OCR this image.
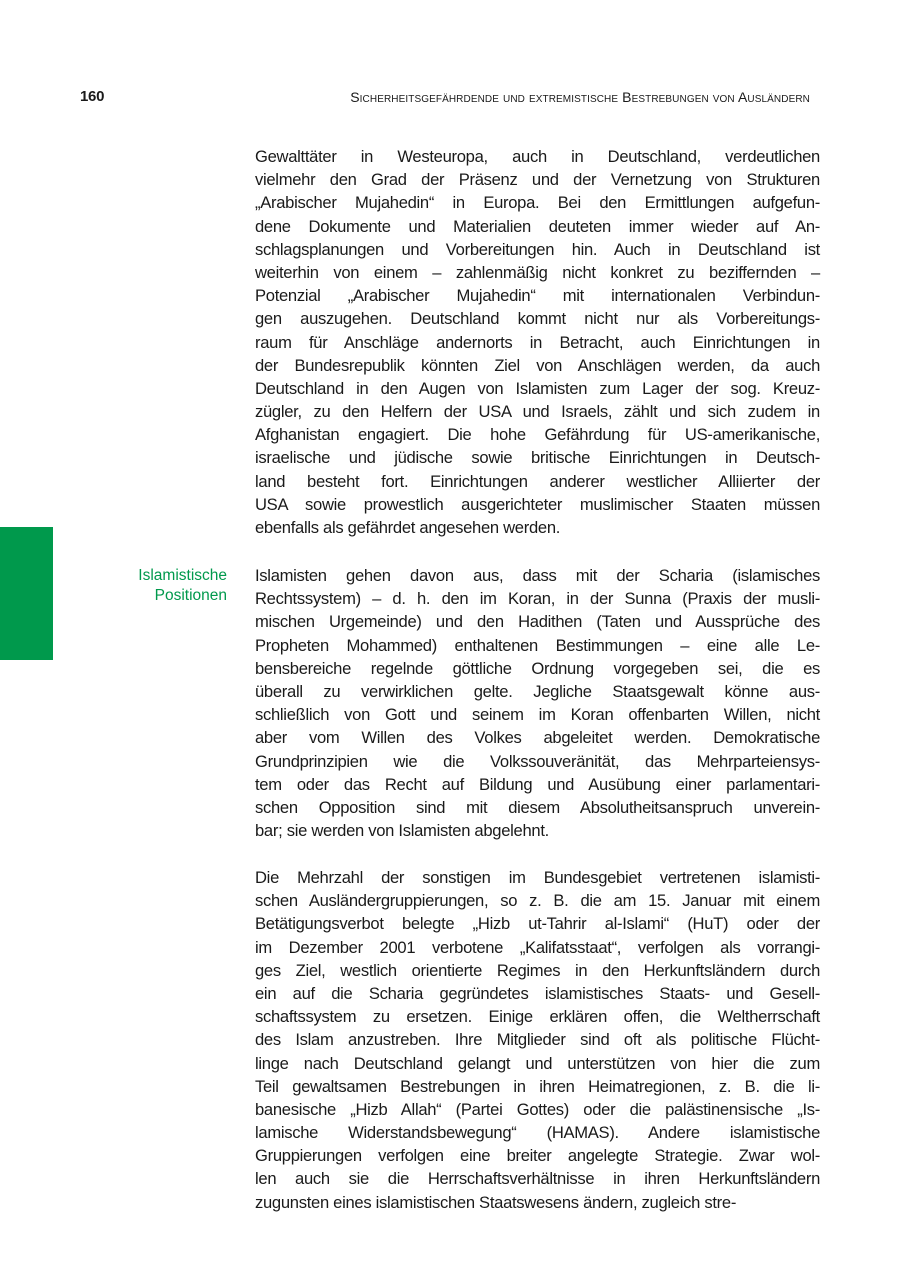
160	Sicherheitsgefährdende und extremistische Bestrebungen von Ausländern
Islamistische
Positionen
Gewalttäter in Westeuropa, auch in Deutschland, verdeutlichen
vielmehr den Grad der Präsenz und der Vernetzung von Strukturen
„Arabischer Mujahedin“ in Europa. Bei den Ermittlungen aufgefun-
dene Dokumente und Materialien deuteten immer wieder auf An-
schlagsplanungen und Vorbereitungen hin. Auch in Deutschland ist
weiterhin von einem – zahlenmäßig nicht konkret zu beziffernden –
Potenzial „Arabischer Mujahedin“ mit internationalen Verbindun-
gen auszugehen. Deutschland kommt nicht nur als Vorbereitungs-
raum für Anschläge andernorts in Betracht, auch Einrichtungen in
der Bundesrepublik könnten Ziel von Anschlägen werden, da auch
Deutschland in den Augen von Islamisten zum Lager der sog. Kreuz-
zügler, zu den Helfern der USA und Israels, zählt und sich zudem in
Afghanistan engagiert. Die hohe Gefährdung für US-amerikanische,
israelische und jüdische sowie britische Einrichtungen in Deutsch-
land besteht fort. Einrichtungen anderer westlicher Alliierter der
USA sowie prowestlich ausgerichteter muslimischer Staaten müssen
ebenfalls als gefährdet angesehen werden.
Islamisten gehen davon aus, dass mit der Scharia (islamisches
Rechtssystem) – d. h. den im Koran, in der Sunna (Praxis der musli-
mischen Urgemeinde) und den Hadithen (Taten und Aussprüche des
Propheten Mohammed) enthaltenen Bestimmungen – eine alle Le-
bensbereiche regelnde göttliche Ordnung vorgegeben sei, die es
überall zu verwirklichen gelte. Jegliche Staatsgewalt könne aus-
schließlich von Gott und seinem im Koran offenbarten Willen, nicht
aber vom Willen des Volkes abgeleitet werden. Demokratische
Grundprinzipien wie die Volkssouveränität, das Mehrparteiensys-
tem oder das Recht auf Bildung und Ausübung einer parlamentari-
schen Opposition sind mit diesem Absolutheitsanspruch unverein-
bar; sie werden von Islamisten abgelehnt.
Die Mehrzahl der sonstigen im Bundesgebiet vertretenen islamisti-
schen Ausländergruppierungen, so z. B. die am 15. Januar mit einem
Betätigungsverbot belegte „Hizb ut-Tahrir al-Islami“ (HuT) oder der
im Dezember 2001 verbotene „Kalifatsstaat“, verfolgen als vorrangi-
ges Ziel, westlich orientierte Regimes in den Herkunftsländern durch
ein auf die Scharia gegründetes islamistisches Staats- und Gesell-
schaftssystem zu ersetzen. Einige erklären offen, die Weltherrschaft
des Islam anzustreben. Ihre Mitglieder sind oft als politische Flücht-
linge nach Deutschland gelangt und unterstützen von hier die zum
Teil gewaltsamen Bestrebungen in ihren Heimatregionen, z. B. die li-
banesische „Hizb Allah“ (Partei Gottes) oder die palästinensische „Is-
lamische Widerstandsbewegung“ (HAMAS). Andere islamistische
Gruppierungen verfolgen eine breiter angelegte Strategie. Zwar wol-
len auch sie die Herrschaftsverhältnisse in ihren Herkunftsländern
zugunsten eines islamistischen Staatswesens ändern, zugleich stre-
